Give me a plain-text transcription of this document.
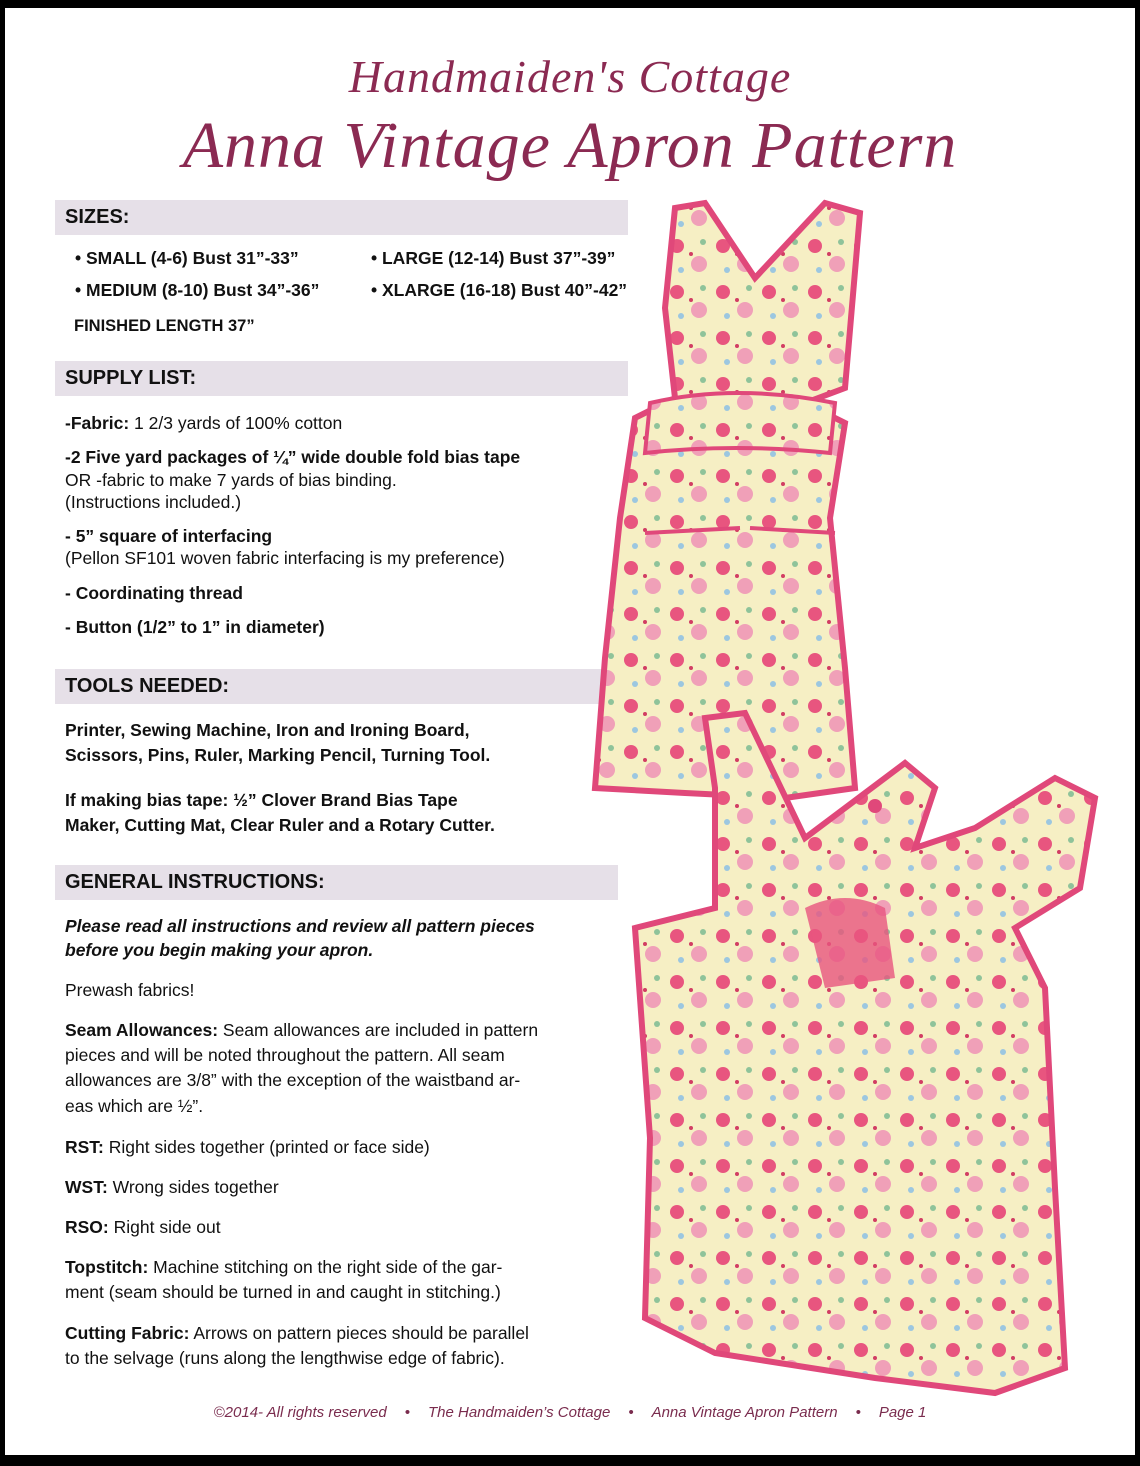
Handmaiden's Cottage
Anna Vintage Apron Pattern
SIZES:
• SMALL (4-6) Bust 31”-33”
• MEDIUM (8-10) Bust 34”-36”
• LARGE (12-14) Bust 37”-39”
• XLARGE (16-18) Bust 40”-42”
FINISHED LENGTH 37”
SUPPLY LIST:
-Fabric: 1 2/3 yards of 100% cotton
-2 Five yard packages of ¼” wide double fold bias tape
OR -fabric to make 7 yards of bias binding.
(Instructions included.)
- 5” square of interfacing
(Pellon SF101 woven fabric interfacing is my preference)
- Coordinating thread
- Button (1/2” to 1” in diameter)
TOOLS NEEDED:
Printer, Sewing Machine, Iron and Ironing Board,
Scissors, Pins, Ruler, Marking Pencil, Turning Tool.
If making bias tape: ½” Clover Brand Bias Tape
Maker, Cutting Mat, Clear Ruler and a Rotary Cutter.
GENERAL INSTRUCTIONS:
Please read all instructions and review all pattern pieces
before you begin making your apron.
Prewash fabrics!
Seam Allowances: Seam allowances are included in pattern
pieces and will be noted throughout the pattern. All seam
allowances are 3/8” with the exception of the waistband ar-
eas which are ½”.
RST: Right sides together (printed or face side)
WST: Wrong sides together
RSO: Right side out
Topstitch: Machine stitching on the right side of the gar-
ment (seam should be turned in and caught in stitching.)
Cutting Fabric: Arrows on pattern pieces should be parallel
to the selvage (runs along the lengthwise edge of fabric).
©2014- All rights reserved • The Handmaiden’s Cottage • Anna Vintage Apron Pattern • Page 1
